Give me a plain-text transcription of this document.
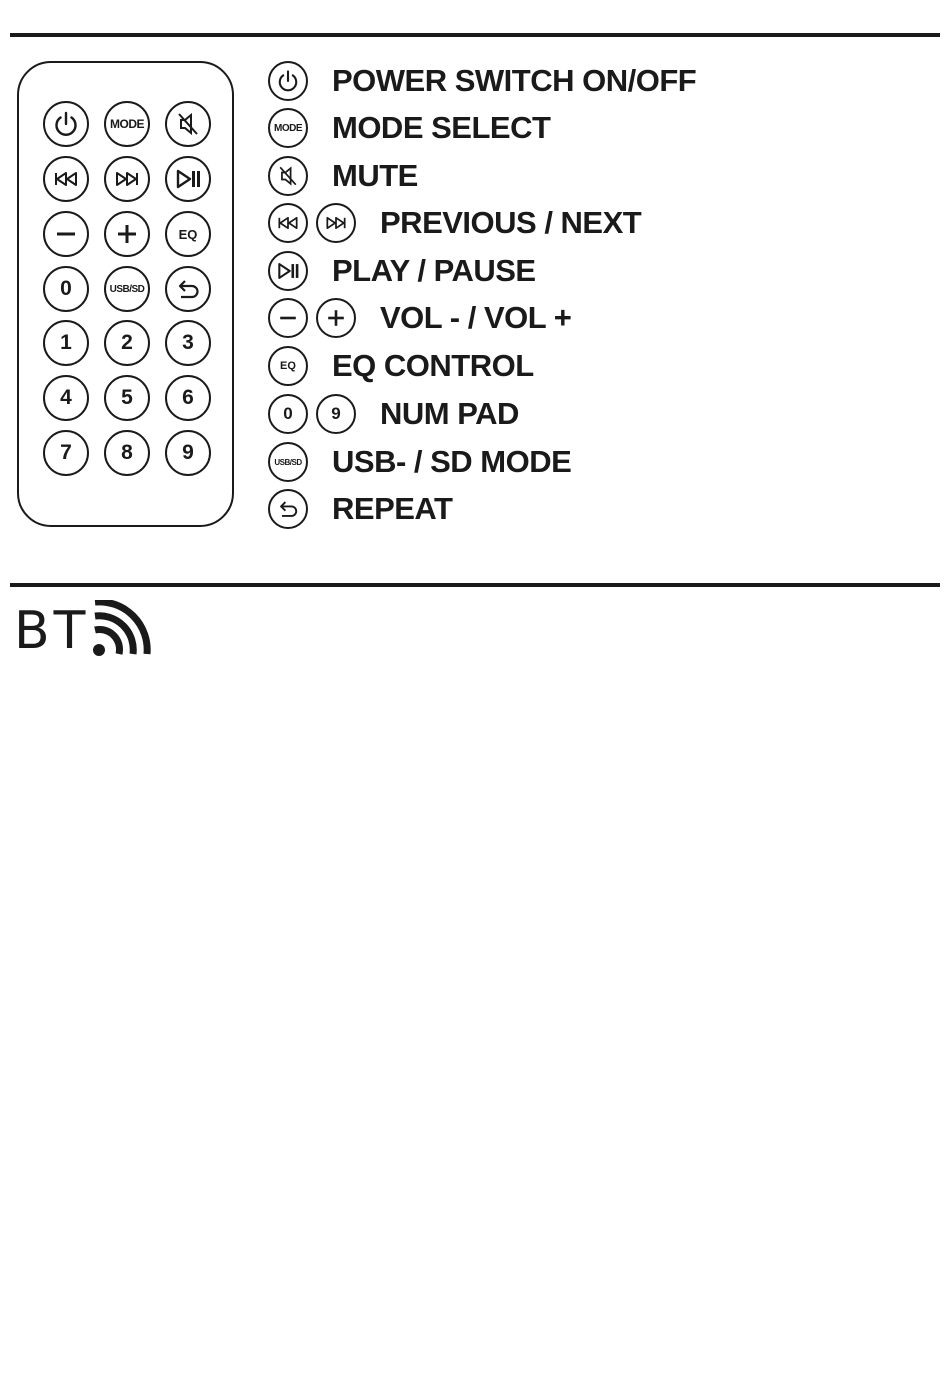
MODE
EQ
0	USB/SD
1 2 3
4 5 6
7 8 9
POWER SWITCH ON/OFF
MODE MODE SELECT
MUTE
PREVIOUS / NEXT
PLAY / PAUSE
VOL - / VOL +
EQ EQ CONTROL
0 9 NUM PAD
USB/SD USB- / SD MODE
REPEAT
BT
